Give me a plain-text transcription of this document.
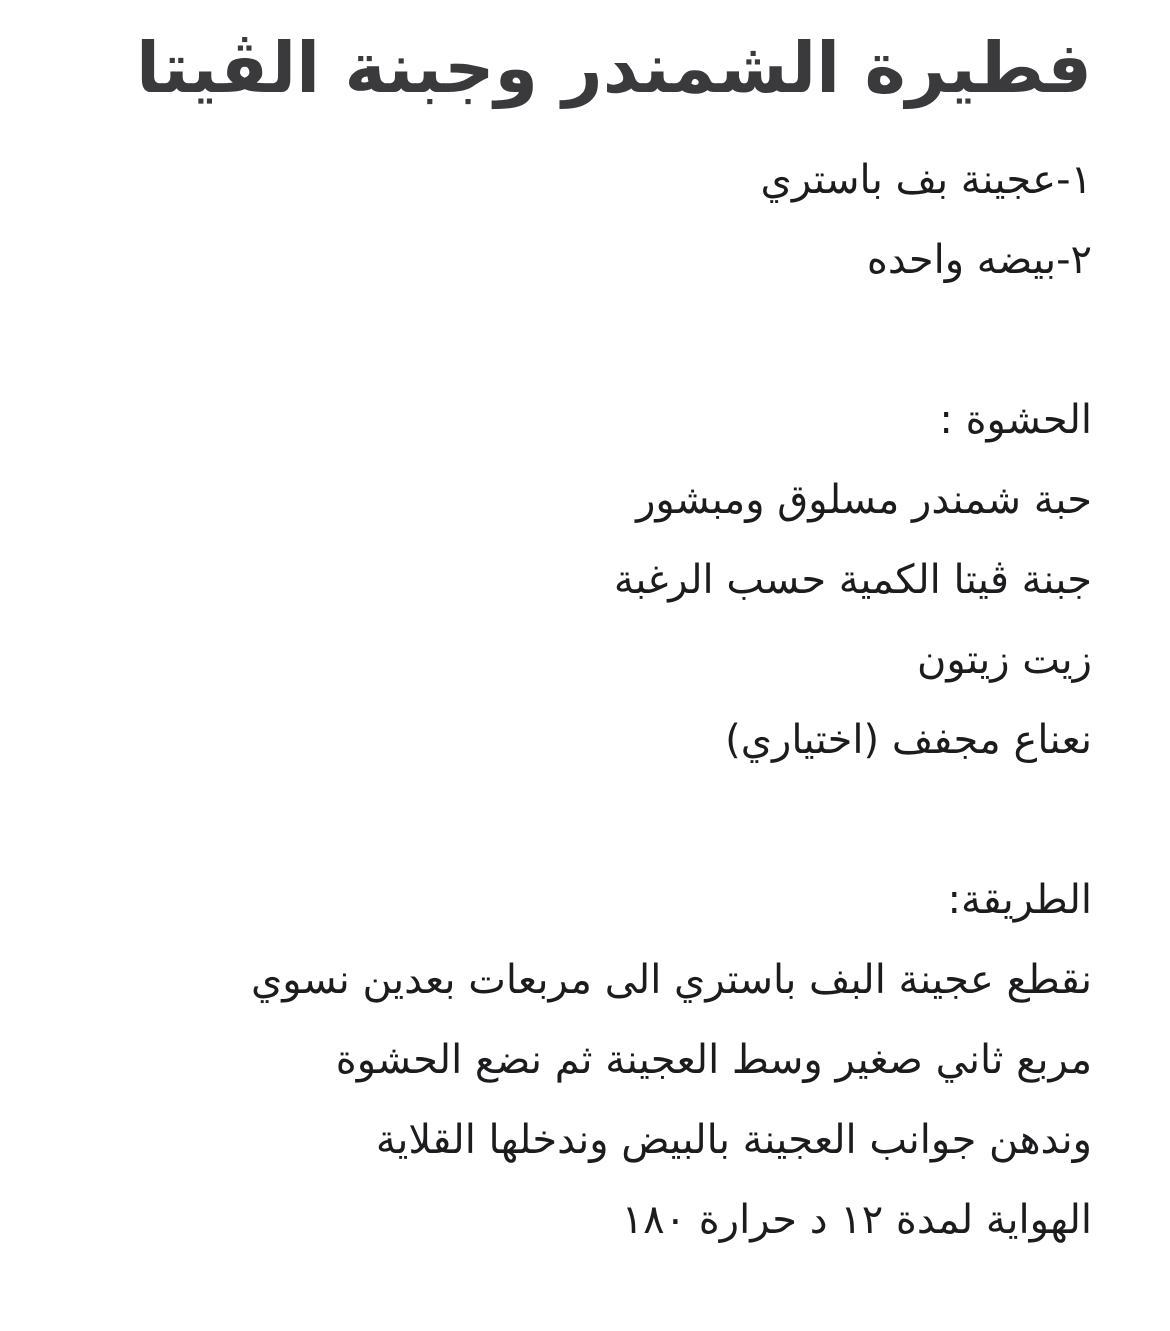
فطيرة الشمندر وجبنة الڤيتا

١-عجينة بف باستري

٢-بيضه واحده

الحشوة :

حبة شمندر مسلوق ومبشور

جبنة ڤيتا الكمية حسب الرغبة

زيت زيتون

نعناع مجفف (اختياري)

الطريقة:

نقطع عجينة البف باستري الى مربعات بعدين نسوي

مربع ثاني صغير وسط العجينة ثم نضع الحشوة

وندهن جوانب العجينة بالبيض وندخلها القلاية

الهواية لمدة ١٢ د حرارة ١٨٠
